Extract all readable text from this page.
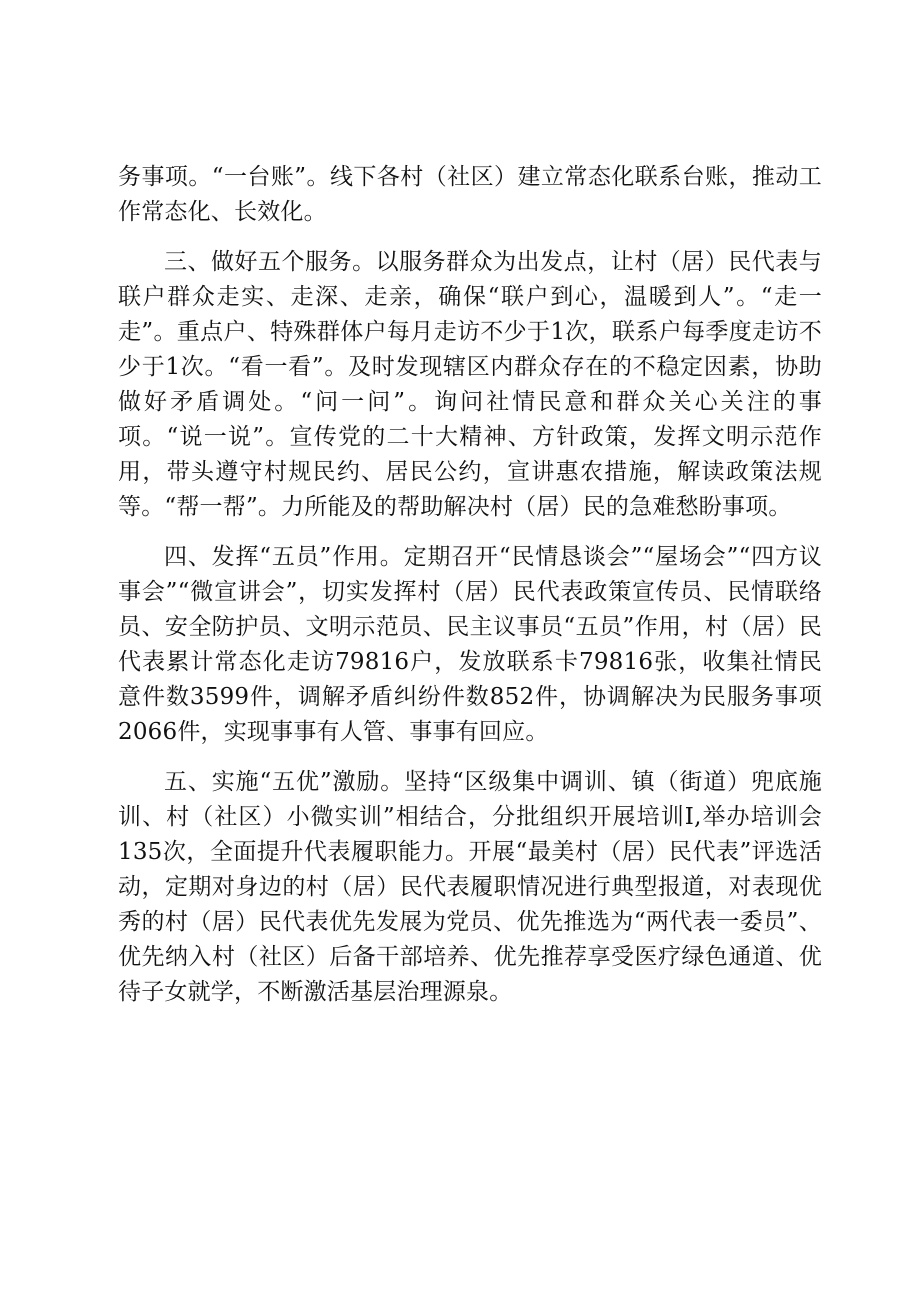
务事项。“一台账”。线下各村（社区）建立常态化联系台账，推动工作常态化、长效化。

三、做好五个服务。以服务群众为出发点，让村（居）民代表与联户群众走实、走深、走亲，确保“联户到心，温暖到人”。“走一走”。重点户、特殊群体户每月走访不少于1次，联系户每季度走访不少于1次。“看一看”。及时发现辖区内群众存在的不稳定因素，协助做好矛盾调处。“问一问”。询问社情民意和群众关心关注的事项。“说一说”。宣传党的二十大精神、方针政策，发挥文明示范作用，带头遵守村规民约、居民公约，宣讲惠农措施，解读政策法规等。“帮一帮”。力所能及的帮助解决村（居）民的急难愁盼事项。

四、发挥“五员”作用。定期召开“民情恳谈会”“屋场会”“四方议事会”“微宣讲会”，切实发挥村（居）民代表政策宣传员、民情联络员、安全防护员、文明示范员、民主议事员“五员”作用，村（居）民代表累计常态化走访79816户，发放联系卡79816张，收集社情民意件数3599件，调解矛盾纠纷件数852件，协调解决为民服务事项2066件，实现事事有人管、事事有回应。

五、实施“五优”激励。坚持“区级集中调训、镇（街道）兜底施训、村（社区）小微实训”相结合，分批组织开展培训I,举办培训会135次，全面提升代表履职能力。开展“最美村（居）民代表”评选活动，定期对身边的村（居）民代表履职情况进行典型报道，对表现优秀的村（居）民代表优先发展为党员、优先推选为“两代表一委员”、优先纳入村（社区）后备干部培养、优先推荐享受医疗绿色通道、优待子女就学，不断激活基层治理源泉。
